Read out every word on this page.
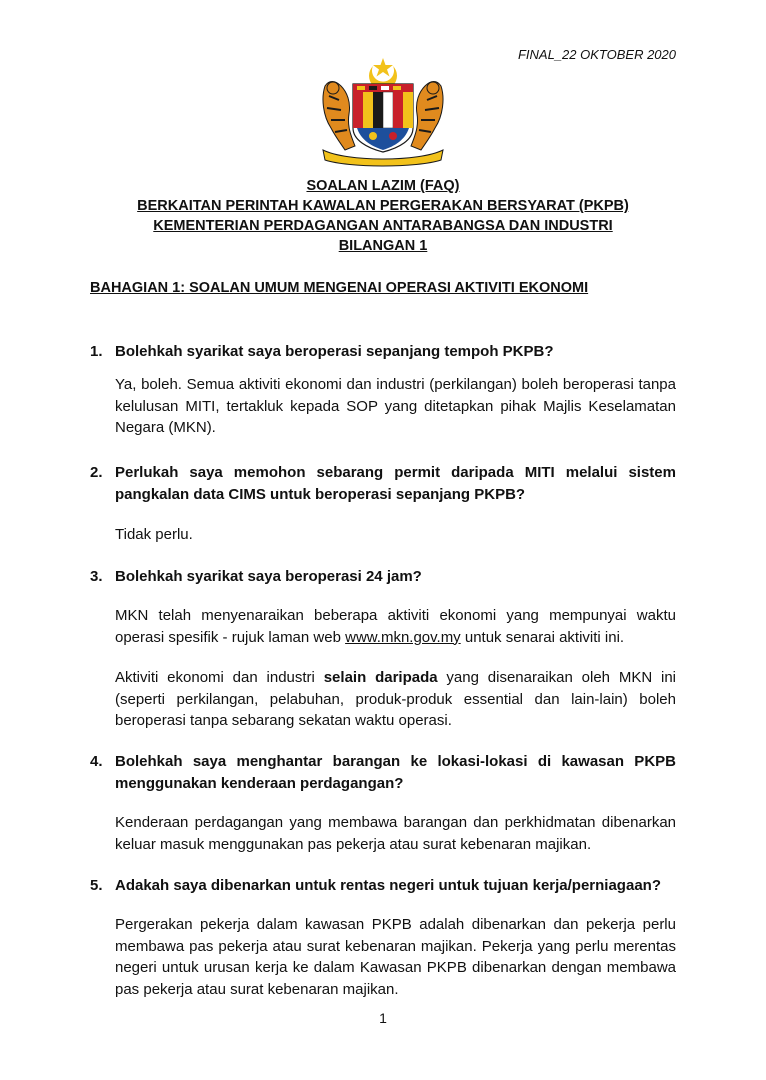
FINAL_22 OKTOBER 2020
SOALAN LAZIM (FAQ)
BERKAITAN PERINTAH KAWALAN PERGERAKAN BERSYARAT (PKPB)
KEMENTERIAN PERDAGANGAN ANTARABANGSA DAN INDUSTRI
BILANGAN 1
BAHAGIAN 1: SOALAN UMUM MENGENAI OPERASI AKTIVITI EKONOMI
1. Bolehkah syarikat saya beroperasi sepanjang tempoh PKPB?
Ya, boleh. Semua aktiviti ekonomi dan industri (perkilangan) boleh beroperasi tanpa kelulusan MITI, tertakluk kepada SOP yang ditetapkan pihak Majlis Keselamatan Negara (MKN).
2. Perlukah saya memohon sebarang permit daripada MITI melalui sistem pangkalan data CIMS untuk beroperasi sepanjang PKPB?
Tidak perlu.
3. Bolehkah syarikat saya beroperasi 24 jam?
MKN telah menyenaraikan beberapa aktiviti ekonomi yang mempunyai waktu operasi spesifik - rujuk laman web www.mkn.gov.my untuk senarai aktiviti ini.
Aktiviti ekonomi dan industri selain daripada yang disenaraikan oleh MKN ini (seperti perkilangan, pelabuhan, produk-produk essential dan lain-lain) boleh beroperasi tanpa sebarang sekatan waktu operasi.
4. Bolehkah saya menghantar barangan ke lokasi-lokasi di kawasan PKPB menggunakan kenderaan perdagangan?
Kenderaan perdagangan yang membawa barangan dan perkhidmatan dibenarkan keluar masuk menggunakan pas pekerja atau surat kebenaran majikan.
5. Adakah saya dibenarkan untuk rentas negeri untuk tujuan kerja/perniagaan?
Pergerakan pekerja dalam kawasan PKPB adalah dibenarkan dan pekerja perlu membawa pas pekerja atau surat kebenaran majikan. Pekerja yang perlu merentas negeri untuk urusan kerja ke dalam Kawasan PKPB dibenarkan dengan membawa pas pekerja atau surat kebenaran majikan.
1
